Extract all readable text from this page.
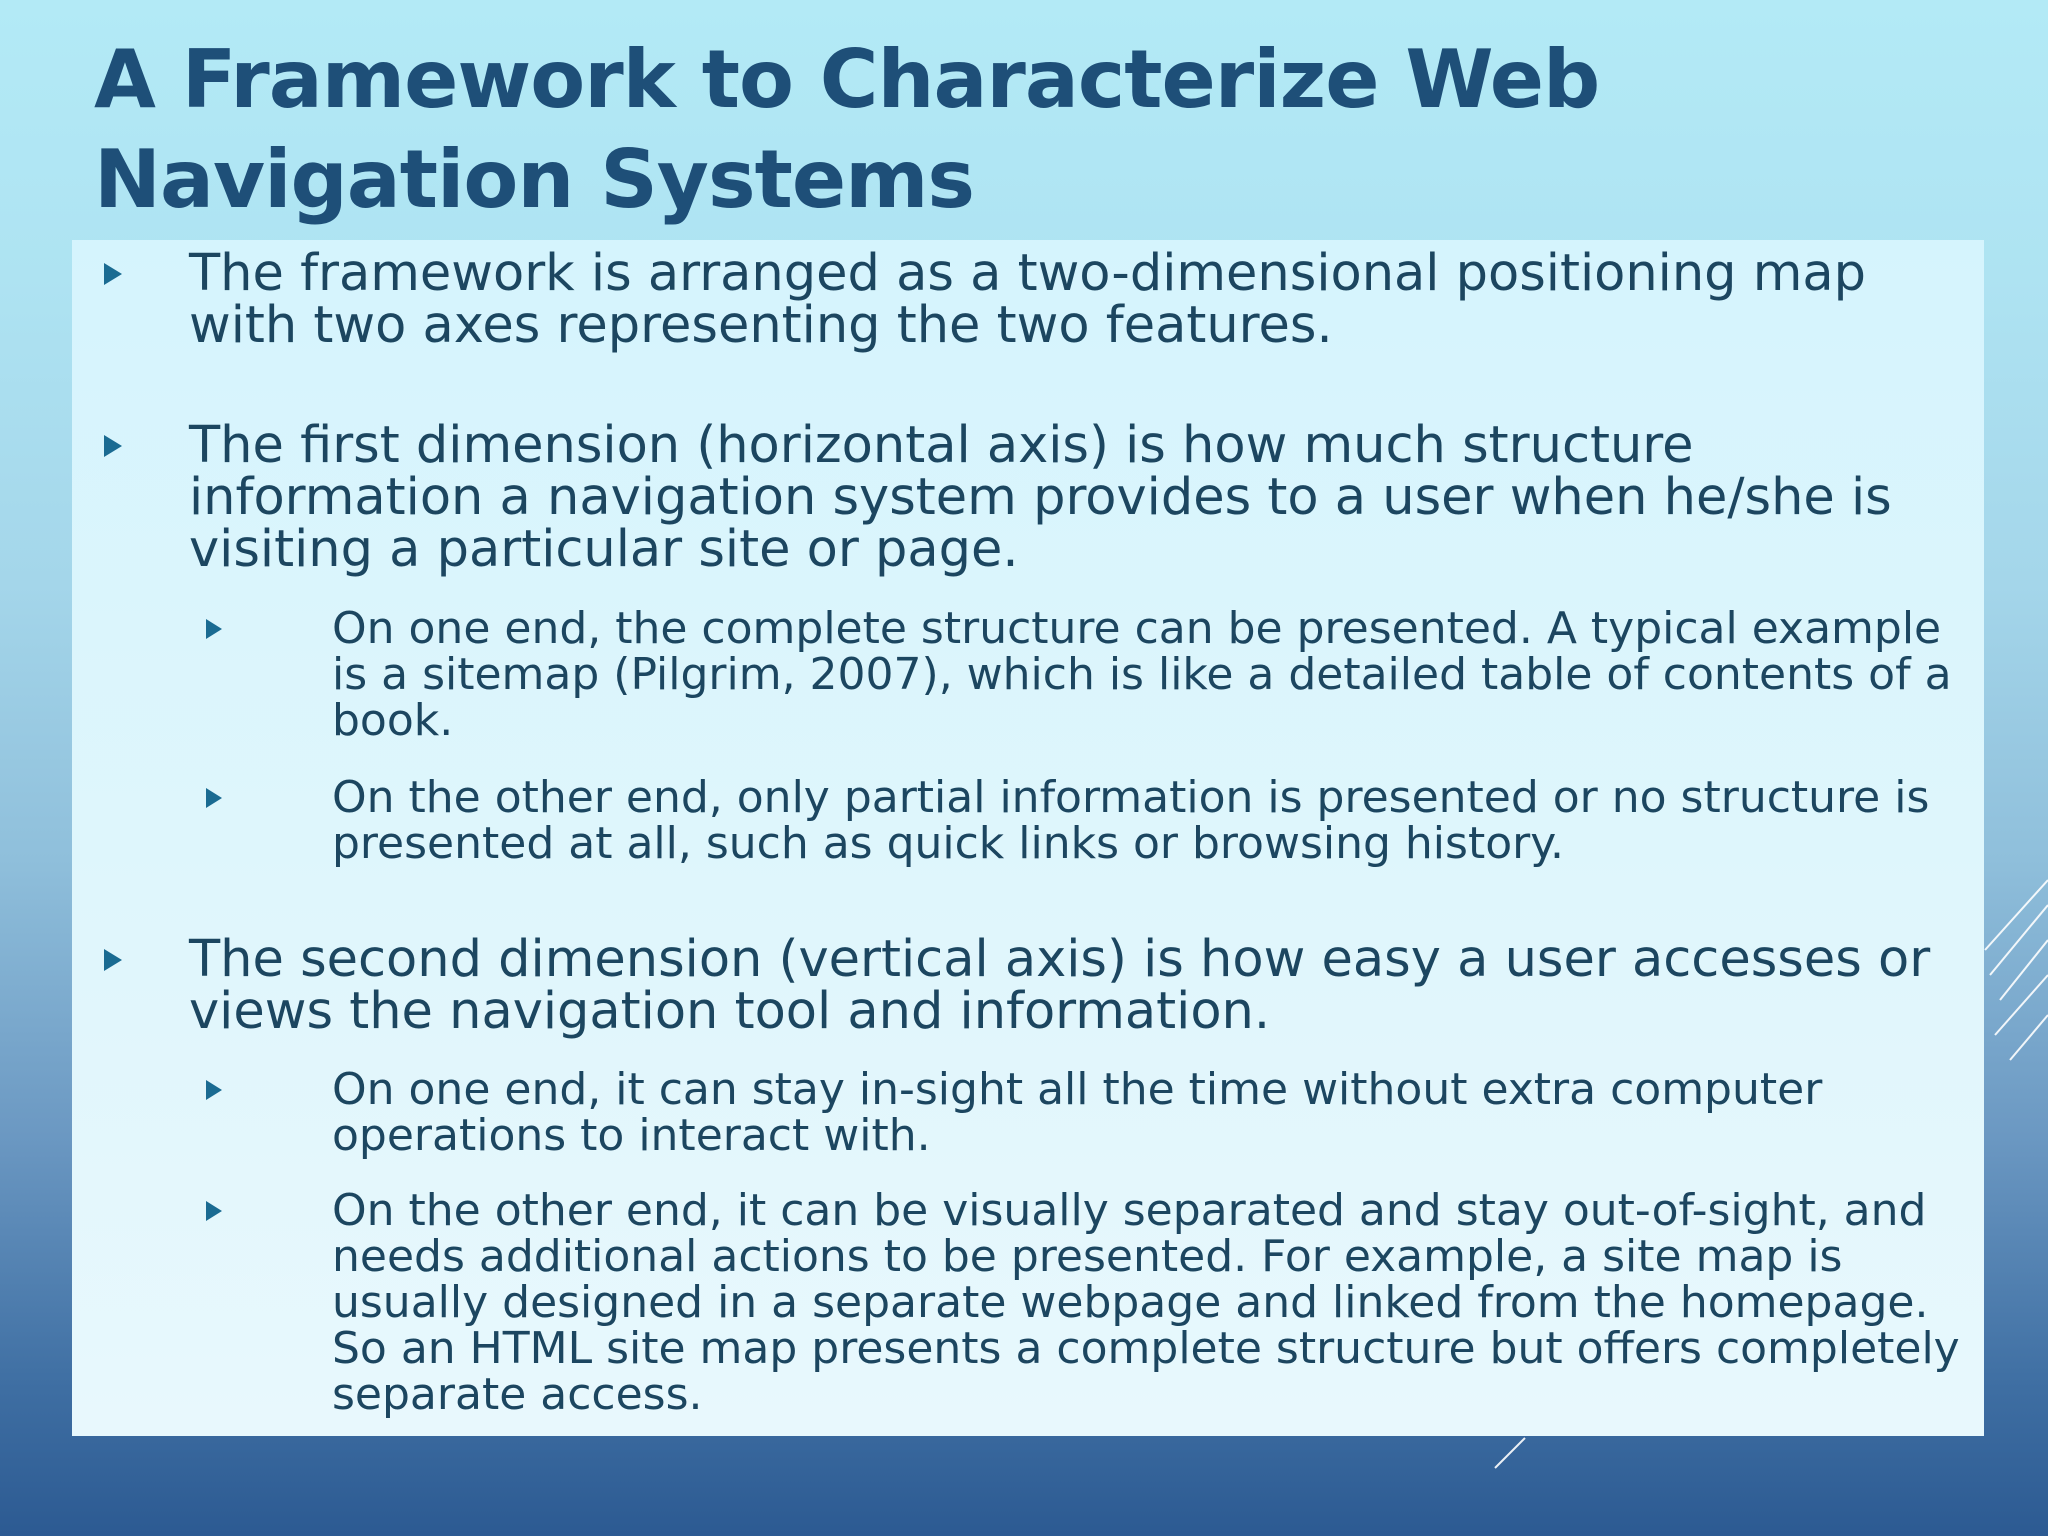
A Framework to Characterize Web Navigation Systems
The framework is arranged as a two-dimensional positioning map with two axes representing the two features.
The first dimension (horizontal axis) is how much structure information a navigation system provides to a user when he/she is visiting a particular site or page.
On one end, the complete structure can be presented. A typical example is a sitemap (Pilgrim, 2007), which is like a detailed table of contents of a book.
On the other end, only partial information is presented or no structure is presented at all, such as quick links or browsing history.
The second dimension (vertical axis) is how easy a user accesses or views the navigation tool and information.
On one end, it can stay in-sight all the time without extra computer operations to interact with.
On the other end, it can be visually separated and stay out-of-sight, and needs additional actions to be presented. For example, a site map is usually designed in a separate webpage and linked from the homepage. So an HTML site map presents a complete structure but offers completely separate access.
